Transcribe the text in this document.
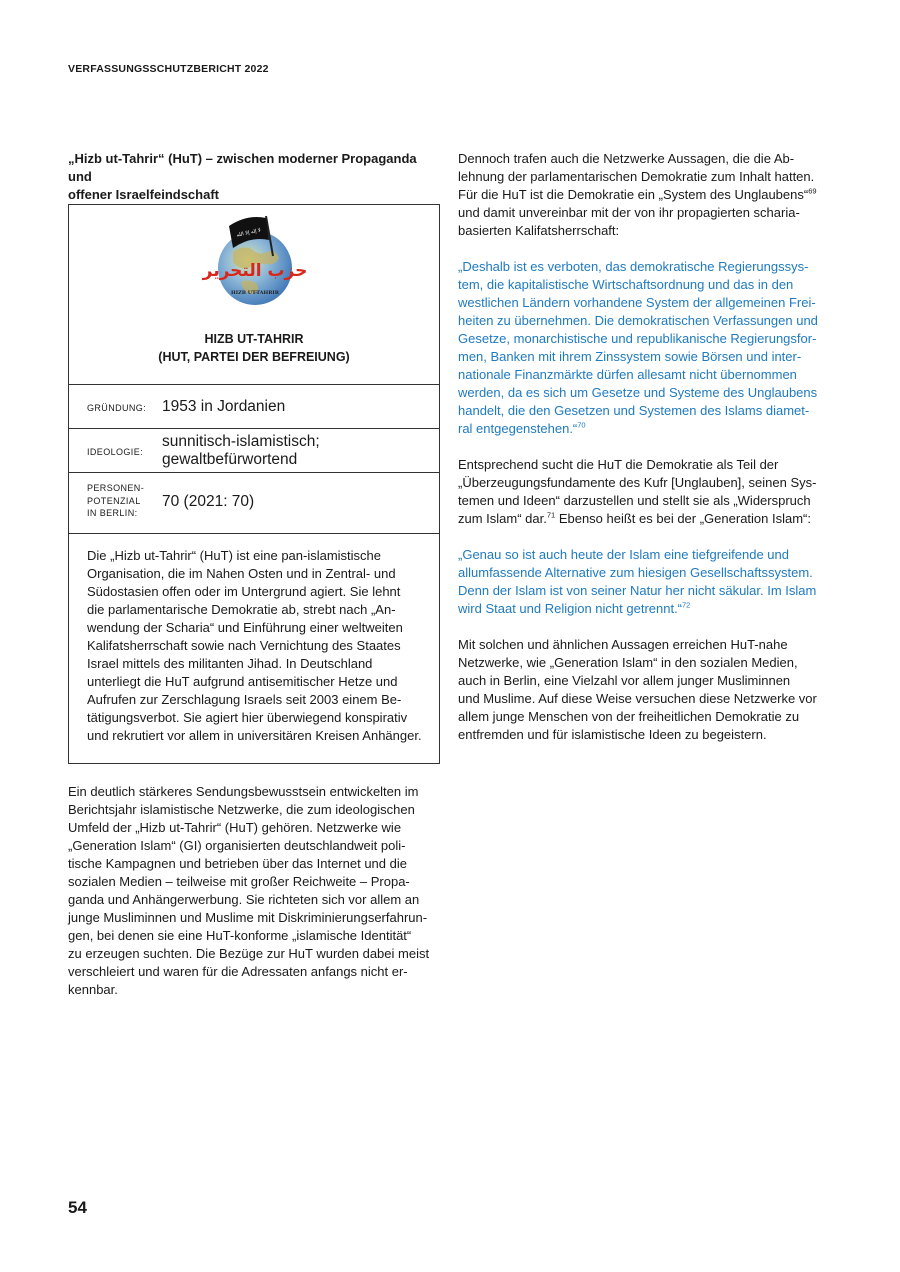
VERFASSUNGSSCHUTZBERICHT 2022
„Hizb ut-Tahrir“ (HuT) – zwischen moderner Propaganda und
offener Israelfeindschaft
لا إله إلا الله
حزب التحرير
HIZB UT-TAHRIR
HIZB UT-TAHRIR
(HUT, PARTEI DER BEFREIUNG)
GRÜNDUNG: 1953 in Jordanien
IDEOLOGIE:
sunnitisch-islamistisch;
gewaltbefürwortend
PERSONEN-
POTENZIAL
IN BERLIN:
70 (2021: 70)
Die „Hizb ut-Tahrir“ (HuT) ist eine pan-islamistische
Organisation, die im Nahen Osten und in Zentral- und
Südostasien offen oder im Untergrund agiert. Sie lehnt
die parlamentarische Demokratie ab, strebt nach „An-
wendung der Scharia“ und Einführung einer weltweiten
Kalifatsherrschaft sowie nach Vernichtung des Staates
Israel mittels des militanten Jihad. In Deutschland
unterliegt die HuT aufgrund antisemitischer Hetze und
Aufrufen zur Zerschlagung Israels seit 2003 einem Be-
tätigungsverbot. Sie agiert hier überwiegend konspirativ
und rekrutiert vor allem in universitären Kreisen Anhänger.
Ein deutlich stärkeres Sendungsbewusstsein entwickelten im
Berichtsjahr islamistische Netzwerke, die zum ideologischen
Umfeld der „Hizb ut-Tahrir“ (HuT) gehören. Netzwerke wie
„Generation Islam“ (GI) organisierten deutschlandweit poli-
tische Kampagnen und betrieben über das Internet und die
sozialen Medien – teilweise mit großer Reichweite – Propa-
ganda und Anhängerwerbung. Sie richteten sich vor allem an
junge Musliminnen und Muslime mit Diskriminierungserfahrun-
gen, bei denen sie eine HuT-konforme „islamische Identität“
zu erzeugen suchten. Die Bezüge zur HuT wurden dabei meist
verschleiert und waren für die Adressaten anfangs nicht er-
kennbar.
Dennoch trafen auch die Netzwerke Aussagen, die die Ab-
lehnung der parlamentarischen Demokratie zum Inhalt hatten.
Für die HuT ist die Demokratie ein „System des Unglaubens“$^{69}$
und damit unvereinbar mit der von ihr propagierten scharia-
basierten Kalifatsherrschaft:
„Deshalb ist es verboten, das demokratische Regierungssys-
tem, die kapitalistische Wirtschaftsordnung und das in den
westlichen Ländern vorhandene System der allgemeinen Frei-
heiten zu übernehmen. Die demokratischen Verfassungen und
Gesetze, monarchistische und republikanische Regierungsfor-
men, Banken mit ihrem Zinssystem sowie Börsen und inter-
nationale Finanzmärkte dürfen allesamt nicht übernommen
werden, da es sich um Gesetze und Systeme des Unglaubens
handelt, die den Gesetzen und Systemen des Islams diamet-
ral entgegenstehen.“$^{70}$
Entsprechend sucht die HuT die Demokratie als Teil der
„Überzeugungsfundamente des Kufr [Unglauben], seinen Sys-
temen und Ideen“ darzustellen und stellt sie als „Widerspruch
zum Islam“ dar.$^{71}$ Ebenso heißt es bei der „Generation Islam“:
„Genau so ist auch heute der Islam eine tiefgreifende und
allumfassende Alternative zum hiesigen Gesellschaftssystem.
Denn der Islam ist von seiner Natur her nicht säkular. Im Islam
wird Staat und Religion nicht getrennt.“$^{72}$
Mit solchen und ähnlichen Aussagen erreichen HuT-nahe
Netzwerke, wie „Generation Islam“ in den sozialen Medien,
auch in Berlin, eine Vielzahl vor allem junger Musliminnen
und Muslime. Auf diese Weise versuchen diese Netzwerke vor
allem junge Menschen von der freiheitlichen Demokratie zu
entfremden und für islamistische Ideen zu begeistern.
54
